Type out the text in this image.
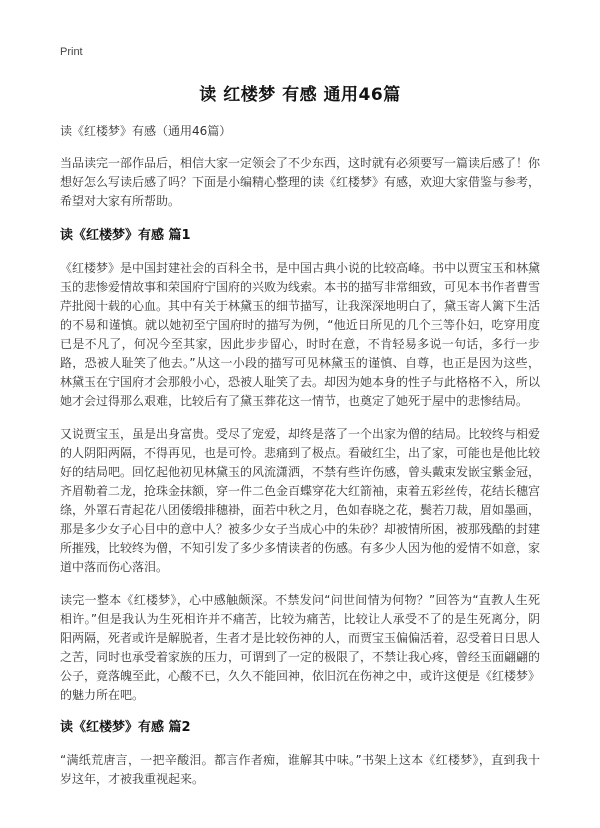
Print
读 红楼梦 有感 通用46篇
读《红楼梦》有感（通用46篇）

当品读完一部作品后，相信大家一定领会了不少东西，这时就有必须要写一篇读后感了！你想好怎么写读后感了吗？下面是小编精心整理的读《红楼梦》有感，欢迎大家借鉴与参考，希望对大家有所帮助。

读《红楼梦》有感 篇1

《红楼梦》是中国封建社会的百科全书，是中国古典小说的比较高峰。书中以贾宝玉和林黛玉的悲惨爱情故事和荣国府宁国府的兴败为线索。本书的描写非常细致，可见本书作者曹雪芹批阅十载的心血。其中有关于林黛玉的细节描写，让我深深地明白了，黛玉寄人篱下生活的不易和谨慎。就以她初至宁国府时的描写为例，“他近日所见的几个三等仆妇，吃穿用度已是不凡了，何况今至其家，因此步步留心，时时在意，不肯轻易多说一句话，多行一步路，恐被人耻笑了他去。”从这一小段的描写可见林黛玉的谨慎、自尊，也正是因为这些，林黛玉在宁国府才会那般小心，恐被人耻笑了去。却因为她本身的性子与此格格不入，所以她才会过得那么艰难，比较后有了黛玉葬花这一情节，也奠定了她死于屋中的悲惨结局。

又说贾宝玉，虽是出身富贵。受尽了宠爱，却终是落了一个出家为僧的结局。比较终与相爱的人阴阳两隔，不得再见，也是可怜。悲痛到了极点。看破红尘，出了家，可能也是他比较好的结局吧。回忆起他初见林黛玉的风流潇洒，不禁有些许伤感，曾头戴束发嵌宝紫金冠，齐眉勒着二龙，抢珠金抹额，穿一件二色金百蝶穿花大红箭袖，束着五彩丝传，花结长穗宫绦，外罩石青起花八团倭缎排穗褂，面若中秋之月，色如春晓之花，鬓若刀裁，眉如墨画，那是多少女子心目中的意中人？被多少女子当成心中的朱砂？却被情所困，被那残酷的封建所摧残，比较终为僧，不知引发了多少多情读者的伤感。有多少人因为他的爱情不如意，家道中落而伤心落泪。

读完一整本《红楼梦》，心中感触颇深。不禁发问“问世间情为何物？”回答为“直教人生死相许。”但是我认为生死相许并不痛苦，比较为痛苦，比较让人承受不了的是生死离分，阴阳两隔，死者或许是解脱者，生者才是比较伤神的人，而贾宝玉偏偏活着，忍受着日日思人之苦，同时也承受着家族的压力，可谓到了一定的极限了，不禁让我心疼，曾经玉面翩翩的公子，竟落魄至此，心酸不已，久久不能回神，依旧沉在伤神之中，或许这便是《红楼梦》的魅力所在吧。

读《红楼梦》有感 篇2

“满纸荒唐言，一把辛酸泪。都言作者痴，谁解其中味。”书架上这本《红楼梦》，直到我十岁这年，才被我重视起来。
